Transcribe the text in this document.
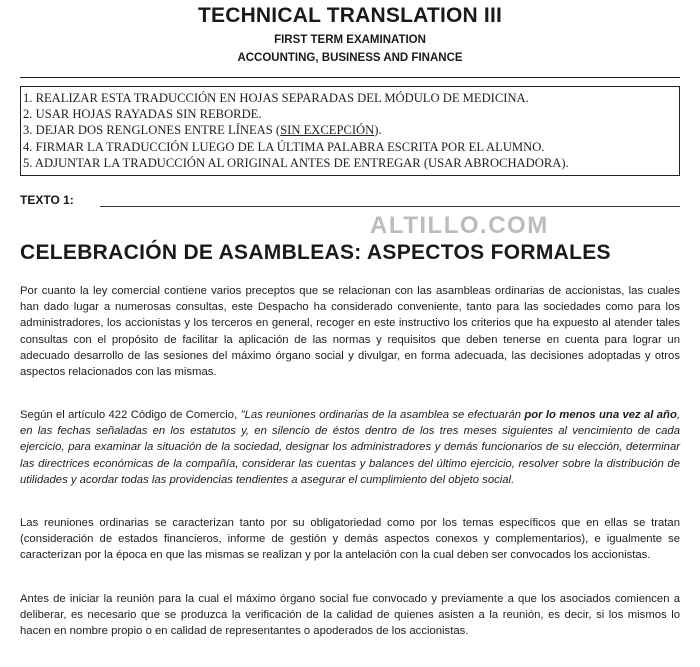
TECHNICAL TRANSLATION III
FIRST TERM EXAMINATION
ACCOUNTING, BUSINESS AND FINANCE
1. REALIZAR ESTA TRADUCCIÓN EN HOJAS SEPARADAS DEL MÓDULO DE MEDICINA.
2. USAR HOJAS RAYADAS SIN REBORDE.
3. DEJAR DOS RENGLONES ENTRE LÍNEAS (SIN EXCEPCIÓN).
4. FIRMAR LA TRADUCCIÓN LUEGO DE LA ÚLTIMA PALABRA ESCRITA POR EL ALUMNO.
5. ADJUNTAR LA TRADUCCIÓN AL ORIGINAL ANTES DE ENTREGAR (USAR ABROCHADORA).
TEXTO 1:
ALTILLO.COM
CELEBRACIÓN DE ASAMBLEAS: ASPECTOS FORMALES
Por cuanto la ley comercial contiene varios preceptos que se relacionan con las asambleas ordinarias de accionistas, las cuales han dado lugar a numerosas consultas, este Despacho ha considerado conveniente, tanto para las sociedades como para los administradores, los accionistas y los terceros en general, recoger en este instructivo los criterios que ha expuesto al atender tales consultas con el propósito de facilitar la aplicación de las normas y requisitos que deben tenerse en cuenta para lograr un adecuado desarrollo de las sesiones del máximo órgano social y divulgar, en forma adecuada, las decisiones adoptadas y otros aspectos relacionados con las mismas.
Según el artículo 422 Código de Comercio, "Las reuniones ordinarias de la asamblea se efectuarán por lo menos una vez al año, en las fechas señaladas en los estatutos y, en silencio de éstos dentro de los tres meses siguientes al vencimiento de cada ejercicio, para examinar la situación de la sociedad, designar los administradores y demás funcionarios de su elección, determinar las directrices económicas de la compañía, considerar las cuentas y balances del último ejercicio, resolver sobre la distribución de utilidades y acordar todas las providencias tendientes a asegurar el cumplimiento del objeto social.
Las reuniones ordinarias se caracterizan tanto por su obligatoriedad como por los temas específicos que en ellas se tratan (consideración de estados financieros, informe de gestión y demás aspectos conexos y complementarios), e igualmente se caracterizan por la época en que las mismas se realizan y por la antelación con la cual deben ser convocados los accionistas.
Antes de iniciar la reunión para la cual el máximo órgano social fue convocado y previamente a que los asociados comiencen a deliberar, es necesario que se produzca la verificación de la calidad de quienes asisten a la reunión, es decir, si los mismos lo hacen en nombre propio o en calidad de representantes o apoderados de los accionistas.
